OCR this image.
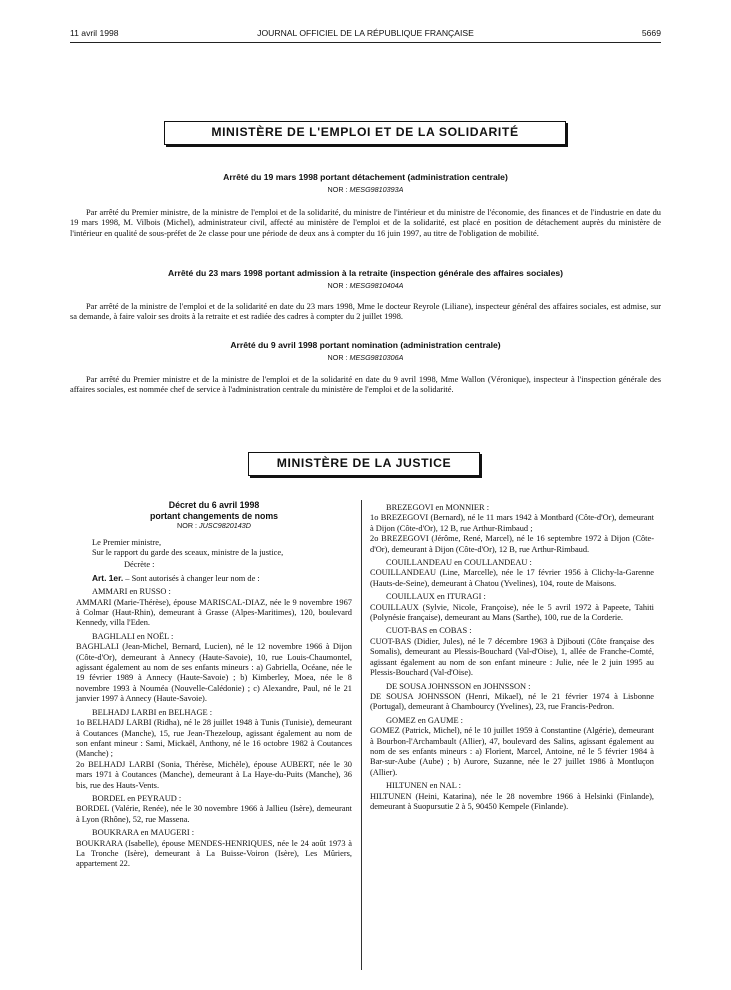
11 avril 1998	JOURNAL OFFICIEL DE LA RÉPUBLIQUE FRANÇAISE	5669
MINISTÈRE DE L'EMPLOI ET DE LA SOLIDARITÉ
Arrêté du 19 mars 1998 portant détachement (administration centrale)
NOR : MESG9810393A

Par arrêté du Premier ministre, de la ministre de l'emploi et de la solidarité, du ministre de l'intérieur et du ministre de l'économie, des finances et de l'industrie en date du 19 mars 1998, M. Vilbois (Michel), administrateur civil, affecté au ministère de l'emploi et de la solidarité, est placé en position de détachement auprès du ministère de l'intérieur en qualité de sous-préfet de 2e classe pour une période de deux ans à compter du 16 juin 1997, au titre de l'obligation de mobilité.

Arrêté du 23 mars 1998 portant admission à la retraite (inspection générale des affaires sociales)
NOR : MESG9810404A

Par arrêté de la ministre de l'emploi et de la solidarité en date du 23 mars 1998, Mme le docteur Reyrole (Liliane), inspecteur général des affaires sociales, est admise, sur sa demande, à faire valoir ses droits à la retraite et est radiée des cadres à compter du 2 juillet 1998.

Arrêté du 9 avril 1998 portant nomination (administration centrale)
NOR : MESG9810306A

Par arrêté du Premier ministre et de la ministre de l'emploi et de la solidarité en date du 9 avril 1998, Mme Wallon (Véronique), inspecteur à l'inspection générale des affaires sociales, est nommée chef de service à l'administration centrale du ministère de l'emploi et de la solidarité.

MINISTÈRE DE LA JUSTICE
Décret du 6 avril 1998
portant changements de noms
NOR : JUSC9820143D

Le Premier ministre,

Sur le rapport du garde des sceaux, ministre de la justice,

Décrète :

Art. 1er. – Sont autorisés à changer leur nom de :

AMMARI en RUSSO :

AMMARI (Marie-Thérèse), épouse MARISCAL-DIAZ, née le 9 novembre 1967 à Colmar (Haut-Rhin), demeurant à Grasse (Alpes-Maritimes), 120, boulevard Kennedy, villa l'Eden.

BAGHLALI en NOËL :

BAGHLALI (Jean-Michel, Bernard, Lucien), né le 12 novembre 1966 à Dijon (Côte-d'Or), demeurant à Annecy (Haute-Savoie), 10, rue Louis-Chaumontel, agissant également au nom de ses enfants mineurs : a) Gabriella, Océane, née le 19 février 1989 à Annecy (Haute-Savoie) ; b) Kimberley, Moea, née le 8 novembre 1993 à Nouméa (Nouvelle-Calédonie) ; c) Alexandre, Paul, né le 21 janvier 1997 à Annecy (Haute-Savoie).

BELHADJ LARBI en BELHAGE :

1o BELHADJ LARBI (Ridha), né le 28 juillet 1948 à Tunis (Tunisie), demeurant à Coutances (Manche), 15, rue Jean-Thezeloup, agissant également au nom de son enfant mineur : Sami, Mickaël, Anthony, né le 16 octobre 1982 à Coutances (Manche) ;

2o BELHADJ LARBI (Sonia, Thérèse, Michèle), épouse AUBERT, née le 30 mars 1971 à Coutances (Manche), demeurant à La Haye-du-Puits (Manche), 36 bis, rue des Hauts-Vents.

BORDEL en PEYRAUD :

BORDEL (Valérie, Renée), née le 30 novembre 1966 à Jallieu (Isère), demeurant à Lyon (Rhône), 52, rue Massena.

BOUKRARA en MAUGERI :

BOUKRARA (Isabelle), épouse MENDES-HENRIQUES, née le 24 août 1973 à La Tronche (Isère), demeurant à La Buisse-Voiron (Isère), Les Mûriers, appartement 22.

BREZEGOVI en MONNIER :

1o BREZEGOVI (Bernard), né le 11 mars 1942 à Montbard (Côte-d'Or), demeurant à Dijon (Côte-d'Or), 12 B, rue Arthur-Rimbaud ;

2o BREZEGOVI (Jérôme, René, Marcel), né le 16 septembre 1972 à Dijon (Côte-d'Or), demeurant à Dijon (Côte-d'Or), 12 B, rue Arthur-Rimbaud.

COUILLANDEAU en COULLANDEAU :

COUILLANDEAU (Line, Marcelle), née le 17 février 1956 à Clichy-la-Garenne (Hauts-de-Seine), demeurant à Chatou (Yvelines), 104, route de Maisons.

COUILLAUX en ITURAGI :

COUILLAUX (Sylvie, Nicole, Françoise), née le 5 avril 1972 à Papeete, Tahiti (Polynésie française), demeurant au Mans (Sarthe), 100, rue de la Corderie.

CUOT-BAS en COBAS :

CUOT-BAS (Didier, Jules), né le 7 décembre 1963 à Djibouti (Côte française des Somalis), demeurant au Plessis-Bouchard (Val-d'Oise), 1, allée de Franche-Comté, agissant également au nom de son enfant mineure : Julie, née le 2 juin 1995 au Plessis-Bouchard (Val-d'Oise).

DE SOUSA JOHNSSON en JOHNSSON :

DE SOUSA JOHNSSON (Henri, Mikael), né le 21 février 1974 à Lisbonne (Portugal), demeurant à Chambourcy (Yvelines), 23, rue Francis-Pedron.

GOMEZ en GAUME :

GOMEZ (Patrick, Michel), né le 10 juillet 1959 à Constantine (Algérie), demeurant à Bourbon-l'Archambault (Allier), 47, boulevard des Salins, agissant également au nom de ses enfants mineurs : a) Florient, Marcel, Antoine, né le 5 février 1984 à Bar-sur-Aube (Aube) ; b) Aurore, Suzanne, née le 27 juillet 1986 à Montluçon (Allier).

HILTUNEN en NAL :

HILTUNEN (Heini, Katarina), née le 28 novembre 1966 à Helsinki (Finlande), demeurant à Suopursutie 2 à 5, 90450 Kempele (Finlande).
